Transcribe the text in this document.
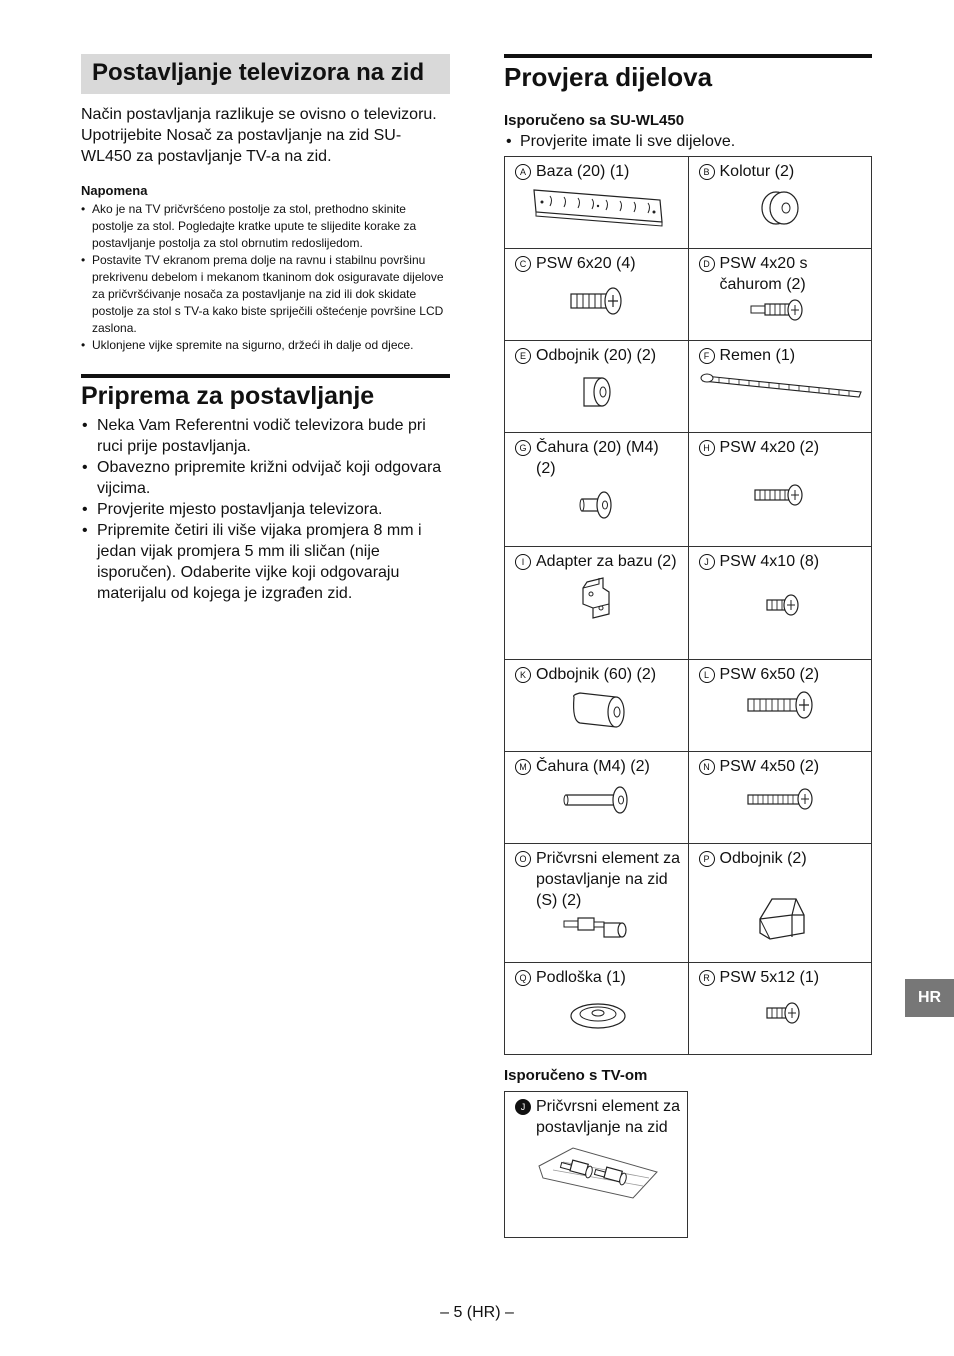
Postavljanje televizora na zid

Način postavljanja razlikuje se ovisno o televizoru.

Upotrijebite Nosač za postavljanje na zid SU-WL450 za postavljanje TV-a na zid.

Napomena
• Ako je na TV pričvršćeno postolje za stol, prethodno skinite postolje za stol. Pogledajte kratke upute te slijedite korake za postavljanje postolja za stol obrnutim redoslijedom.
• Postavite TV ekranom prema dolje na ravnu i stabilnu površinu prekrivenu debelom i mekanom tkaninom dok osiguravate dijelove za pričvršćivanje nosača za postavljanje na zid ili dok skidate postolje za stol s TV-a kako biste spriječili oštećenje površine LCD zaslona.
• Uklonjene vijke spremite na sigurno, držeći ih dalje od djece.
Priprema za postavljanje
• Neka Vam Referentni vodič televizora bude pri ruci prije postavljanja.
• Obavezno pripremite križni odvijač koji odgovara vijcima.
• Provjerite mjesto postavljanja televizora.
• Pripremite četiri ili više vijaka promjera 8 mm i jedan vijak promjera 5 mm ili sličan (nije isporučen). Odaberite vijke koji odgovaraju materijalu od kojega je izgrađen zid.
Provjera dijelova
Isporučeno sa SU-WL450
• Provjerite imate li sve dijelove.
A Baza (20) (1)	B Kolotur (2)

C PSW 6x20 (4)	D PSW 4x20 s čahurom (2)

E Odbojnik (20) (2)	F Remen (1)

G Čahura (20) (M4) (2)	H PSW 4x20 (2)

I Adapter za bazu (2)	J PSW 4x10 (8)

K Odbojnik (60) (2)	L PSW 6x50 (2)

M Čahura (M4) (2)	N PSW 4x50 (2)

O Pričvrsni element za postavljanje na zid (S) (2)	P Odbojnik (2)

Q Podloška (1)	R PSW 5x12 (1)
Isporučeno s TV-om
J Pričvrsni element za postavljanje na zid
HR
– 5 (HR) –
